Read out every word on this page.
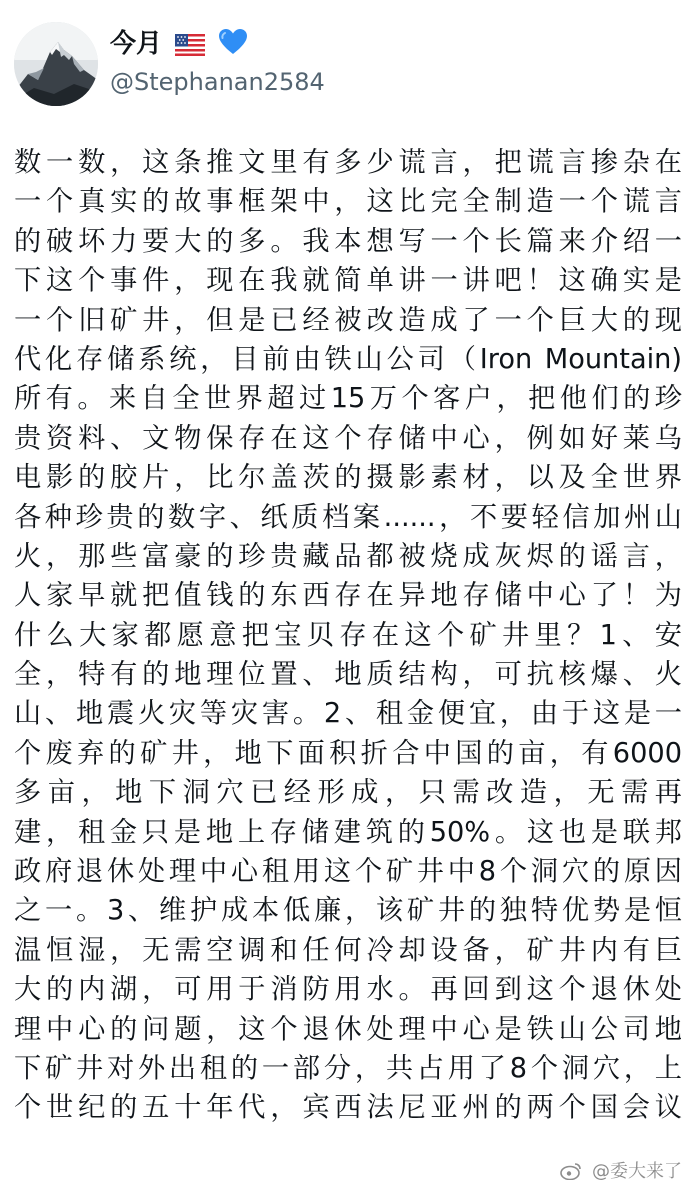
今月
@Stephanan2584
数一数，这条推文里有多少谎言，把谎言掺杂在
一个真实的故事框架中，这比完全制造一个谎言
的破坏力要大的多。我本想写一个长篇来介绍一
下这个事件，现在我就简单讲一讲吧！这确实是
一个旧矿井，但是已经被改造成了一个巨大的现
代化存储系统，目前由铁山公司（Iron Mountain)
所有。来自全世界超过15万个客户，把他们的珍
贵资料、文物保存在这个存储中心，例如好莱乌
电影的胶片，比尔盖茨的摄影素材，以及全世界
各种珍贵的数字、纸质档案......，不要轻信加州山
火，那些富豪的珍贵藏品都被烧成灰烬的谣言，
人家早就把值钱的东西存在异地存储中心了！为
什么大家都愿意把宝贝存在这个矿井里？1、安
全，特有的地理位置、地质结构，可抗核爆、火
山、地震火灾等灾害。2、租金便宜，由于这是一
个废弃的矿井，地下面积折合中国的亩，有6000
多亩，地下洞穴已经形成，只需改造，无需再
建，租金只是地上存储建筑的50%。这也是联邦
政府退休处理中心租用这个矿井中8个洞穴的原因
之一。3、维护成本低廉，该矿井的独特优势是恒
温恒湿，无需空调和任何冷却设备，矿井内有巨
大的内湖，可用于消防用水。再回到这个退休处
理中心的问题，这个退休处理中心是铁山公司地
下矿井对外出租的一部分，共占用了8个洞穴，上
个世纪的五十年代，宾西法尼亚州的两个国会议
@委大来了
